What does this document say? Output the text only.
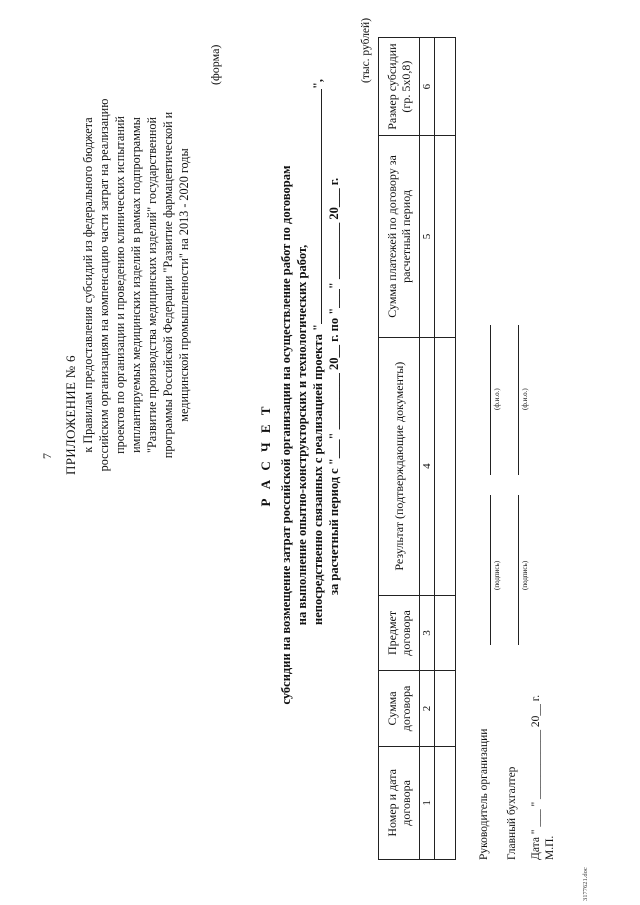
7 ПРИЛОЖЕНИЕ № 6 к Правилам предоставления субсидий из федерального бюджета российским организациям на компенсацию части затрат на реализацию проектов по организации и проведению клинических испытаний имплантируемых медицинских изделий в рамках подпрограммы "Развитие производства медицинских изделий" государственной программы Российской Федерации "Развитие фармацевтической и медицинской промышленности" на 2013 - 2020 годы
(форма)
Р А С Ч Е Т субсидии на возмещение затрат российской организации на осуществление работ по договорам на выполнение опытно-конструкторских и технологических работ, непосредственно связанных с реализацией проекта "",
за расчетный период с "___" _________ 20__ г. по "___" _________ 20___ г.
(тыс. рублей)
Номер и дата договора	Сумма договора	Предмет договора	Результат (подтверждающие документы)	Сумма платежей по договору за расчетный период	Размер субсидии (гр. 5х0,8)
1	2	3	4	5	6

Руководитель организации
(подпись)
(ф.и.о.)
Главный бухгалтер
(подпись)
(ф.и.о.)
Дата " ___ " ____________ 20__ г. М.П.
3177621.doc
